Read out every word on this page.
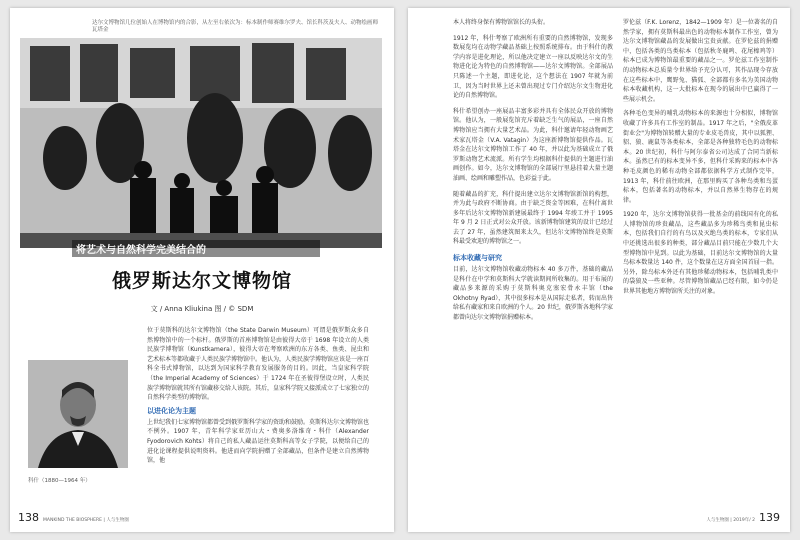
达尔文博物馆几位创始人在博物馆内的合影，从左至右依次为：标本制作师赛维尔罗夫、馆长科茨及夫人、动物绘画师瓦塔金
将艺术与自然科学完美结合的
俄罗斯达尔文博物馆
文 / Anna Kliukina 图 / © SDM
科什（1880—1964 年）

位于莫斯科的达尔文博物馆（the State Darwin Museum）可谓是俄罗斯众多自然博物馆中的一个标杆。俄罗斯的首座博物馆是由彼得大帝于 1698 年设立的人类民族学博物馆（Kunstkamera），彼得大帝在考察欧洲的东方各类、鱼类、昆虫和艺术标本等都收藏于人类民族学博物馆中。他认为，人类民族学博物馆应该是一座百科全书式博物馆，以达到为国家科学教育发展服务的目的。因此，当皇家科学院（the Imperial Academy of Sciences）于 1724 年在圣彼得堡设立时，人类民族学博物馆就其所有馆藏移交给人该院。其后，皇家科学院又接派成立了七家独立的自然科学类型的博物馆。

以进化论为主题

上世纪我们七家博物馆都曾受到俄罗斯科学家的资助和鼓励。莫斯科达尔文博物馆也不例外。1907 年，青年科学家亚历山大・费奥多洛维奇・科什（Alexander Fyodorovich Kohts）将自己的私人藏品运往莫斯科高等女子学院，以便给自己的进化论课程提供说明资料。他进而向学院捐赠了全部藏品，但条件是建立自然博物馆，他

138 MANKIND THE BIOSPHERE | 人与生物圈

本人将终身保有博物馆馆长的头衔。

1912 年，科什考察了欧洲所有重要的自然博物馆，发现多数展览均在动物学藏品基础上按照系统排布。由于科什的教学内容是进化理论，所以他决定建立一座以反映达尔文的生物进化论为特色的自然博物馆——达尔文博物馆。全部展品只陈述一个主题，即进化论，这个想法在 1907 年就为前卫，因为当时世界上还未曾出现过专门介绍达尔文生物进化论的自然博物馆。

科什希望创办一座展品丰富多彩并具有全体民众开放的博物馆。他认为，一般展览馆充斥着缺乏生气的展品，一座自然博物馆应当拥有大量艺术品。为此，科什邀请年轻动物画艺术家瓦塔金（V.A. Vatagin）为这座新博物馆提供作品。瓦塔金在达尔文博物馆工作了 40 年，并以此为基础成立了俄罗斯动物艺术流派。所有学生均根据科什提供的主题进行油画创作。如今，达尔文博物馆的全部展厅里悬挂着大量主题油画、绘画和雕塑作品，色彩益于此。

随着藏品的扩充，科什提出建立达尔文博物馆新馆的构想，并为此与政府不断协商。由于缺乏资金等困难，在科什离世多年后达尔文博物馆新建展最终于 1994 年竣工并于 1995 年 9 月 2 日正式对公众开放。该新博物馆建筑的设计已经过去了 27 年，虽然建筑图来太久，但达尔文博物馆终是莫斯科最受欢迎的博物馆之一。

标本收藏与研究

目前，达尔文博物馆收藏动物标本 40 多万件，基础的藏品是科什在中学和莫斯科大学就读期间所收集的。用于布展的藏品多来源的采购于莫斯科奥克塞宏骨永丰馆（the Okhotny Ryad），其中很多标本是从国际走私者，转而出售给私有藏家和来自欧洲的个人。20 世纪，俄罗斯各地科学家都曾向达尔文博物馆捐赠标本。

罗伦兹（F.K. Lorenz，1842—1909 年）是一位著名的自然学家，拥有莫斯科最出色的动物标本制作工作室，曾为达尔文博物馆藏品的发展做出宝贵贡献。在罗伦兹的捐赠中，包括各类的鸟类标本（包括秋冬鹿鸣、花尾榛鸡等）标本已成为博物馆最重要的藏品之一。罗伦兹工作室制作的动物标本总质量令世界给予充分认可，其作品现今存放在这些标本中，鹰野兔、猫狐、全部都有多名为美国动物标本收藏机构，这一大批标本在现今的展出中已赢得了一些展示机会。

各种毛色变异的哺乳动物标本的来源也十分相似，博物馆收藏了许多具有工作室的制品。1917 年之后，"全俄皮革街业会"为博物馆转赠大量的专业皮毛兽皮，其中以狐狸、貂、狼、鹿鼠等各类标本，全部是各种独特毛色的动物标本。20 世纪初，科什与阿尔泰省公司达成了合同当新标本。虽然已有的标本变异不多，但科什采购来的标本中各种毛皮颜色的稀有动物全部都依据科学方式制作完毕，1913 年，科什前往欧洲，在那里购买了各种鸟类和鸟蛋标本，包括著名的动物标本，并以自然界生物存在的规律。

1920 年，达尔文博物馆获得一批基金的前线国有化的私人博物馆的珍贵藏品，这些藏品多为珍稀鸟类和昆虫标本，包括我们自行的有鸟以及灭绝鸟类的标本，专家们从中还挑选出很多的种类，部分藏品目前只能在少数几个大型博物馆中见到。以此为基础，目前达尔文博物馆的大量鸟标本数量达 140 件，这个数量在这方面全国首屈一指。另外，除鸟标本外还有其他珍稀动物标本，包括哺乳类中的袋狼及一些亚种。尽管博物馆藏品已经有限，如今仍是世界其他地方博物馆所关注的对象。

人与生物圈 | 2019年/ 2 139
